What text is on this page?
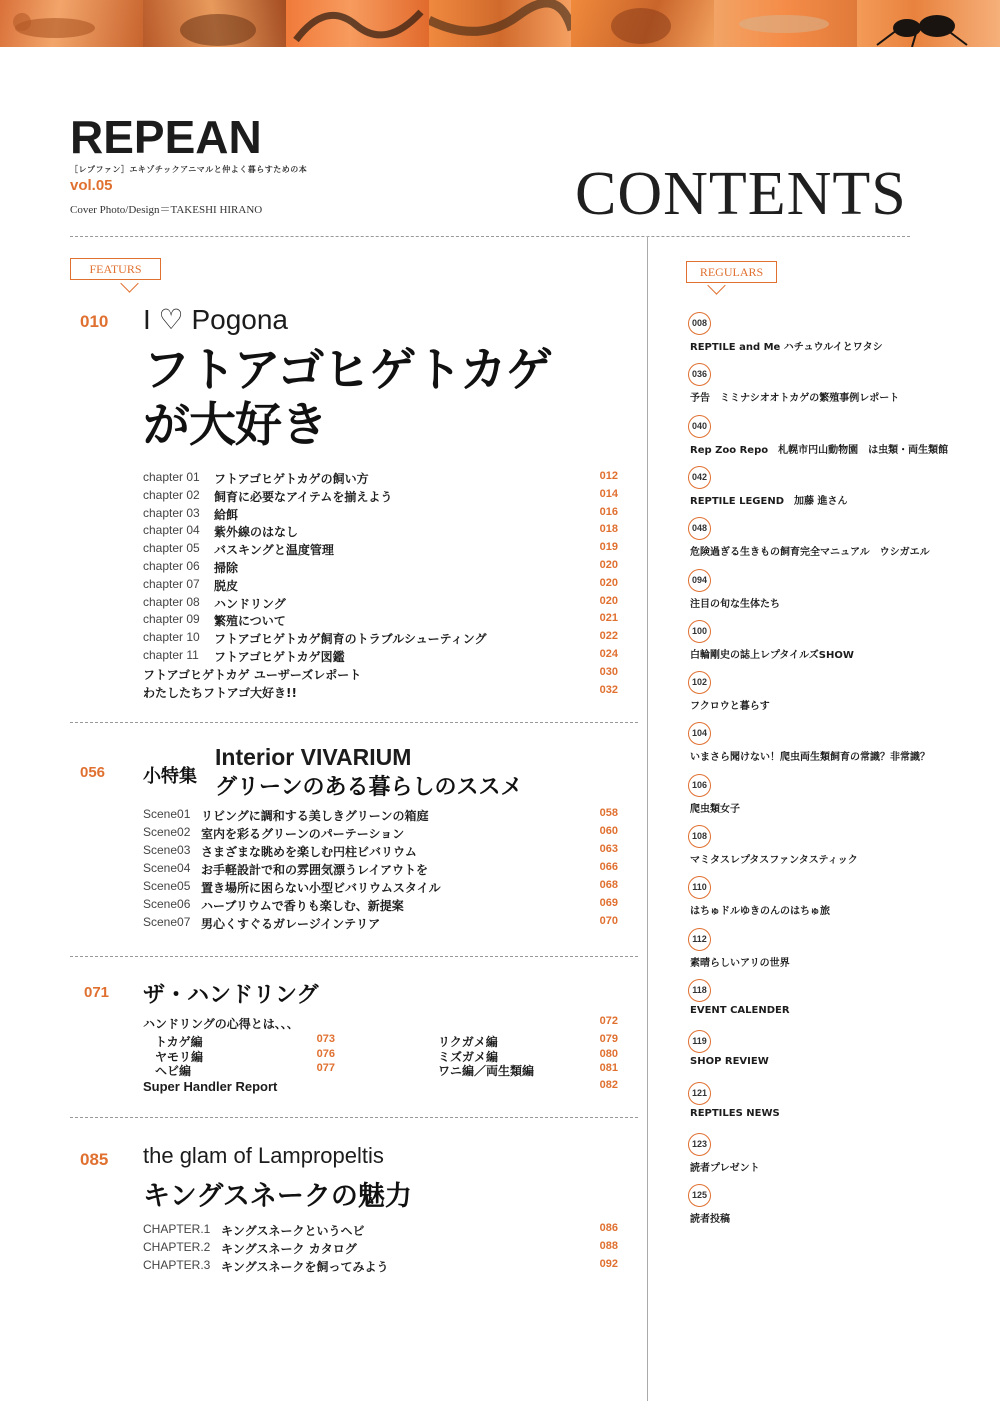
REPEAN
［レプファン］エキゾチックアニマルと仲よく暮らすための本
vol.05
Cover Photo/Design＝TAKESHI HIRANO	CONTENTS
FEATURS	REGULARS
010 I ♡ Pogona
フトアゴヒゲトカゲ
が大好き
chapter 01 フトアゴヒゲトカゲの飼い方	012
chapter 02 飼育に必要なアイテムを揃えよう	014
chapter 03 給餌	016
chapter 04 紫外線のはなし	018
chapter 05 バスキングと温度管理	019
chapter 06 掃除	020
chapter 07 脱皮	020
chapter 08 ハンドリング	020
chapter 09 繁殖について	021
chapter 10 フトアゴヒゲトカゲ飼育のトラブルシューティング	022
chapter 11 フトアゴヒゲトカゲ図鑑	024
フトアゴヒゲトカゲ ユーザーズレポート	030
わたしたちフトアゴ大好き!!	032
056 小特集
Interior VIVARIUM
グリーンのある暮らしのススメ
Scene01 リビングに調和する美しきグリーンの箱庭	058
Scene02 室内を彩るグリーンのパーテーション	060
Scene03 さまざまな眺めを楽しむ円柱ビバリウム	063
Scene04 お手軽設計で和の雰囲気漂うレイアウトを	066
Scene05 置き場所に困らない小型ビバリウムスタイル	068
Scene06 ハーブリウムで香りも楽しむ、新提案	069
Scene07 男心くすぐるガレージインテリア	070
071 ザ・ハンドリング
ハンドリングの心得とは、、、	072
トカゲ編	073
ヤモリ編	076
ヘビ編	077
リクガメ編	079
ミズガメ編	080
ワニ編／両生類編	081
Super Handler Report	082
085 the glam of Lampropeltis
キングスネークの魅力
CHAPTER.1 キングスネークというヘビ	086
CHAPTER.2 キングスネーク カタログ	088
CHAPTER.3 キングスネークを飼ってみよう	092
008
REPTILE and Me ハチュウルイとワタシ
036
予告　ミミナシオオトカゲの繁殖事例レポート
040
Rep Zoo Repo　札幌市円山動物園　は虫類・両生類館
042
REPTILE LEGEND　加藤 進さん
048
危険過ぎる生きもの飼育完全マニュアル　ウシガエル
094
注目の旬な生体たち
100
白輪剛史の誌上レプタイルズSHOW
102
フクロウと暮らす
104
いまさら聞けない！爬虫両生類飼育の常識？非常識？
106
爬虫類女子
108
マミタスレプタスファンタスティック
110
はちゅドルゆきのんのはちゅ旅
112
素晴らしいアリの世界
118
EVENT CALENDER
119
SHOP REVIEW
121
REPTILES NEWS
123
読者プレゼント
125
読者投稿
